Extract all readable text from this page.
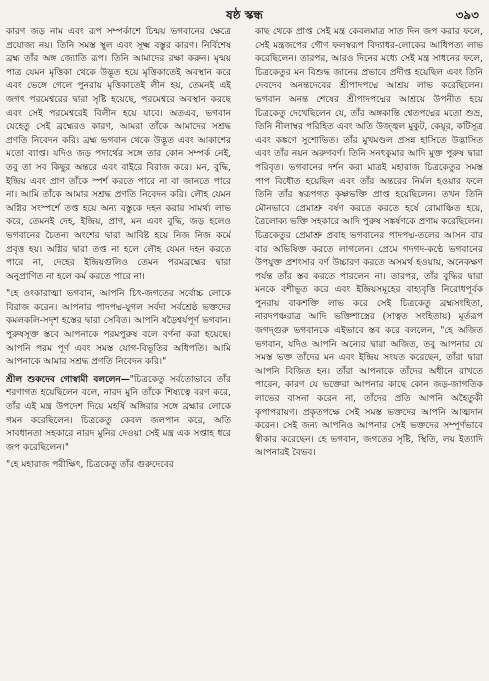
ষষ্ঠ স্কন্ধ	৩৯৩

কারণ জড় নাম এবং রূপ সম্পর্কাশে চিন্ময় ভগবানের ক্ষেত্রে প্রযোজ্য নয়। তিনি সমস্ত স্থূল এবং সূক্ষ্ম বস্তুর কারণ। নির্বিশেষ ব্রহ্ম তাঁর অঙ্গ জ্যোতি রূপ। তিনি আমাদের রক্ষা করুন। মৃন্ময় পাত্র যেমন মৃত্তিকা থেকে উদ্ভূত হয়ে মৃত্তিকাতেই অবস্থান করে এবং ভেঙ্গে গেলে পুনরায় মৃত্তিকাতেই লীন হয়, তেমনই এই জগৎ পরমেশ্বরের দ্বারা সৃষ্টি হয়েছে, পরমেশ্বরে অবস্থান করছে এবং সেই পরমেশ্বরেই বিলীন হয়ে যাবে। অতএব, ভগবান যেহেতু সেই ব্রহ্মেরও কারণ, আমরা তাঁকে আমাদের সশ্রদ্ধ প্রণতি নিবেদন করি। ব্রহ্ম ভগবান থেকে উদ্ভূত এবং আকাশের মতো ব্যাপ্ত। যদিও জড় পদার্থের সঙ্গে তার কোন সম্পর্ক নেই, তবু তা সব কিছুর অন্তরে এবং বাইরে বিরাজ করে। মন, বুদ্ধি, ইন্দ্রিয় এবং প্রাণ তাঁকে স্পর্শ করতে পারে না বা জানতে পারে না। আমি তাঁকে আমার সশ্রদ্ধ প্রণতি নিবেদন করি। লৌহ যেমন অগ্নির সংস্পর্শে তপ্ত হয়ে অন্য বস্তুকে দহন করার সামর্থ্য লাভ করে, তেমনই দেহ, ইন্দ্রিয়, প্রাণ, মন এবং বুদ্ধি, জড় হলেও ভগবানের চৈতন্য অংশের দ্বারা আবিষ্ট হয়ে নিজ নিজ কর্মে প্রবৃত্ত হয়। অগ্নির দ্বারা তপ্ত না হলে লৌহ যেমন দহন করতে পারে না, দেহের ইন্দ্রিয়গুলিও তেমন পরমব্রহ্মের দ্বারা অনুপ্রাণিত না হলে কর্ম করতে পারে না।

"হে ওংকারাত্মা ভগবান, আপনি চিৎ-জগতের সর্বোচ্চ লোকে বিরাজ করেন। আপনার পাদপদ্ম-যুগল সর্বদা সর্বশ্রেষ্ঠ ভক্তদের কমলকলি-সদৃশ হস্তের দ্বারা সেবিত। আপনি ষড়ৈশ্বর্যপূর্ণ ভগবান। পুরুষসূক্ত স্তবে আপনাকে পরমপুরুষ বলে বর্ণনা করা হয়েছে। আপনি পরম পূর্ণ এবং সমস্ত যোগ-বিভূতির অধিপতি। আমি আপনাকে আমার সশ্রদ্ধ প্রণতি নিবেদন করি।"

শ্রীল শুকদেব গোস্বামী বললেন—"চিত্রকেতু সর্বতোভাবে তাঁর শরণাগত হয়েছিলেন বলে, নারদ মুনি তাঁকে শিষ্যত্বে বরণ করে, তাঁর এই মন্ত্র উপদেশ দিয়ে মহর্ষি অঙ্গিরার সঙ্গে ব্রহ্মার লোকে গমন করেছিলেন। চিত্রকেতু কেবল জলপান করে, অতি সাবধানতা সহকারে নারদ মুনির দেওয়া সেই মন্ত্র এক সপ্তাহ ধরে জপ করেছিলেন।"

"হে মহারাজ পরীক্ষিৎ, চিত্রকেতু তাঁর গুরুদেবের

কাছ থেকে প্রাপ্ত সেই মন্ত্র কেবলমাত্র সাত দিন জপ করার ফলে, সেই মন্ত্রজপের গৌণ ফলস্বরূপ বিদ্যাধর-লোকের আধিপত্য লাভ করেছিলেন। তারপর, আরও দিনের মধ্যে সেই মন্ত্র সাধনের ফলে, চিত্রকেতুর মন বিশুদ্ধ জানের প্রভাবে প্রদীপ্ত হয়েছিল এবং তিনি দেবদেব অনন্তদেবের শ্রীপাদপদ্মে আশ্রয় লাভ করেছিলেন। ভগবান অনন্ত শেষের শ্রীপাদপদ্মের আশ্রয়ে উপনীত হয়ে চিত্রকেতু দেখেছিলেন যে, তাঁর অঙ্গকান্তি শ্বেতপদ্মের মতো শুভ্র, তিনি নীলাম্বর পরিহিত এবং অতি উজ্জ্বল মুকুট, কেয়ূর, কটিসূত্র এবং কঙ্কণে সুশোভিত। তাঁর মুখমণ্ডল প্রসন্ন হাসিতে উদ্ভাসিত এবং তাঁর নয়ন অরুণবর্ণ। তিনি সনৎকুমার আদি মুক্ত পুরুষ দ্বারা পরিবৃত। ভগবানের দর্শন করা মাত্রই মহারাজ চিত্রকেতুর সমস্ত পাপ বিধৌত হয়েছিল এবং তাঁর অন্তরের নির্মল হওয়ার ফলে তিনি তাঁর স্বরূপগত কৃষ্ণভক্তি প্রাপ্ত হয়েছিলেন। তখন তিনি মৌনভাবে প্রেমাশ্রু বর্ষণ করতে করতে হর্ষে রোমাঞ্চিত হয়ে, ত্রৈলোক্য ভক্তি সহকারে আদি পুরুষ সঙ্কর্ষণকে প্রণাম করেছিলেন। চিত্রকেতুর প্রেমাশ্রু প্রবাহ ভগবানের পাদপদ্ম-তলের আসন বার বার অভিষিক্ত করতে লাগলেন। প্রেমে গদগদ-কণ্ঠে ভগবানের উপযুক্ত প্রশংসার বর্ণ উচ্চারণ করতে অসমর্থ হওয়ায়, অনেকক্ষণ পর্যন্ত তাঁর স্তব করতে পারলেন না। তারপর, তাঁর বুদ্ধির দ্বারা মনকে বশীভূত করে এবং ইন্দ্রিয়সমূহের বাহ্যবৃত্তি নিরোধপূর্বক পুনরায় বাকশক্তি লাভ করে সেই চিত্রকেতু ব্রহ্মসংহিতা, নারদপঞ্চরাত্র আদি ভক্তিশাস্ত্রের (সাত্বত সংহিতায়) মূর্তরূপ জগদ্গুরু ভগবানকে এইভাবে স্তব করে বললেন, "হে অজিত ভগবান, যদিও আপনি অন্যের দ্বারা অজিত, তবু আপনার যে সমস্ত ভক্ত তাঁদের মন এবং ইন্দ্রিয় সংযত করেছেন, তাঁরা দ্বারা আপনি বিজিত হন। তাঁরা আপনাকে তাঁদের অধীনে রাখতে পারেন, কারণ যে ভক্তেরা আপনার কাছে কোন জড়-জাগতিক লাভের বাসনা করেন না, তাঁদের প্রতি আপনি অহৈতুকী কৃপাপরায়ণ। প্রকৃতপক্ষে সেই সমস্ত ভক্তদের আপনি আত্মদান করেন। সেই জন্য আপনিও আপনার সেই ভক্তদের সম্পূর্ণভাবে স্বীকার করেছেন। হে ভগবান, জগতের সৃষ্টি, স্থিতি, লয় ইত্যাদি আপনারই বৈভব।
